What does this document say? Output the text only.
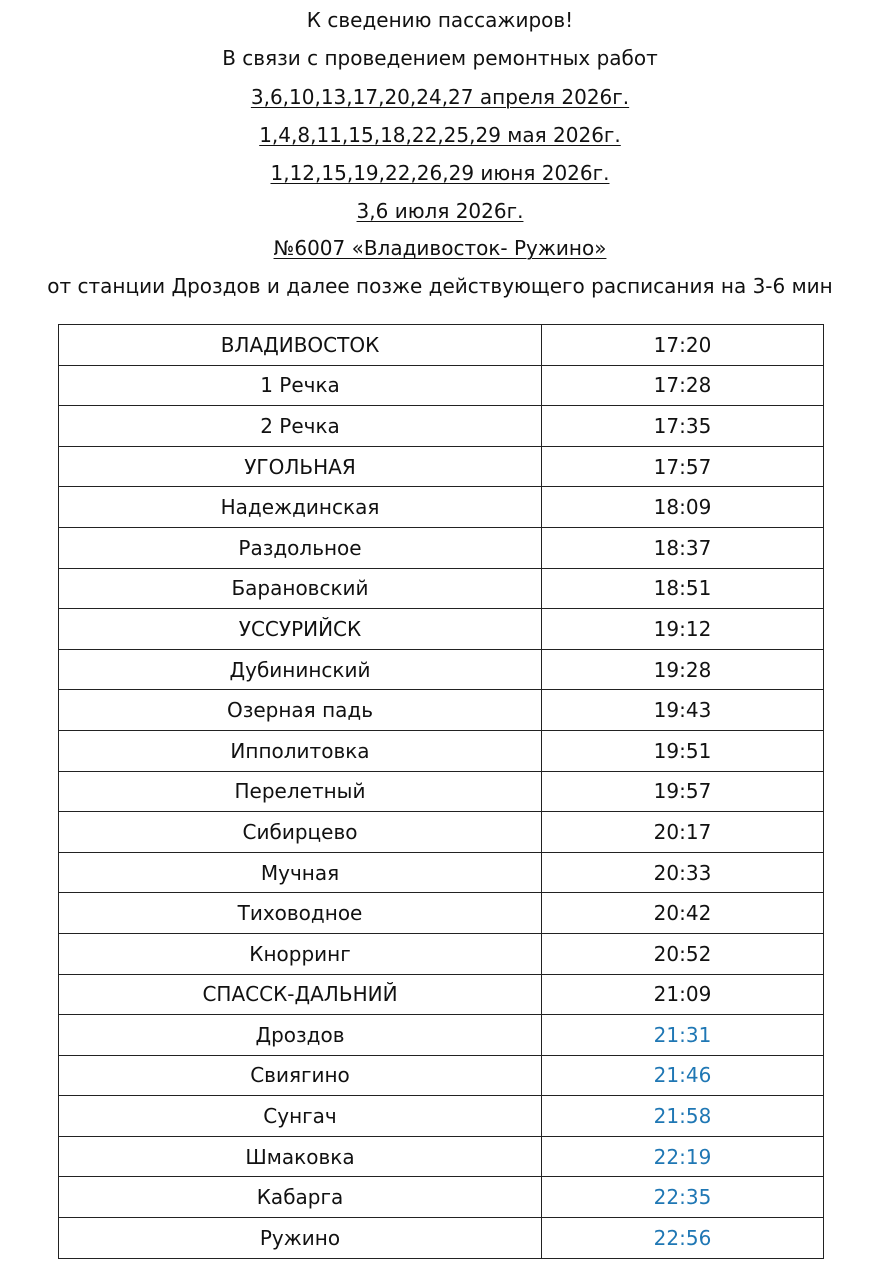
К сведению пассажиров!
В связи с проведением ремонтных работ
3,6,10,13,17,20,24,27 апреля 2026г.
1,4,8,11,15,18,22,25,29 мая 2026г.
1,12,15,19,22,26,29 июня 2026г.
3,6 июля 2026г.
№6007 «Владивосток- Ружино»
от станции Дроздов и далее позже действующего расписания на 3-6 мин
ВЛАДИВОСТОК	17:20
1 Речка	17:28
2 Речка	17:35
УГОЛЬНАЯ	17:57
Надеждинская	18:09
Раздольное	18:37
Барановский	18:51
УССУРИЙСК	19:12
Дубининский	19:28
Озерная падь	19:43
Ипполитовка	19:51
Перелетный	19:57
Сибирцево	20:17
Мучная	20:33
Тиховодное	20:42
Кнорринг	20:52
СПАССК-ДАЛЬНИЙ	21:09
Дроздов	21:31
Свиягино	21:46
Сунгач	21:58
Шмаковка	22:19
Кабарга	22:35
Ружино	22:56
